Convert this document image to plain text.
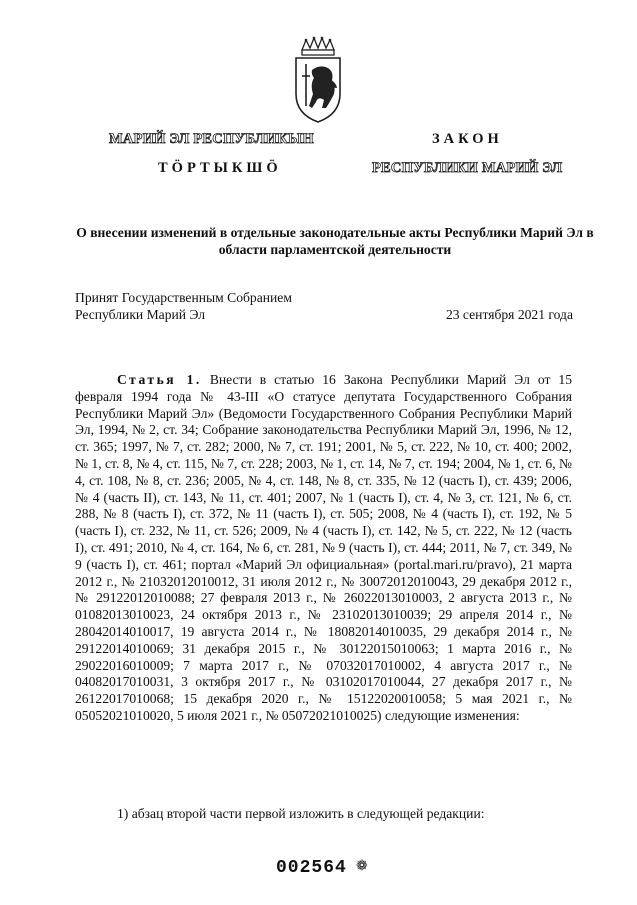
МАРИЙ ЭЛ РЕСПУБЛИКЫН
ТÖРТЫКШÖ
ЗАКОН
РЕСПУБЛИКИ МАРИЙ ЭЛ
О внесении изменений в отдельные законодательные акты Республики Марий Эл в области парламентской деятельности
Принят Государственным Собранием
Республики Марий Эл	23 сентября 2021 года
Статья 1. Внести в статью 16 Закона Республики Марий Эл от 15 февраля 1994 года № 43-III «О статусе депутата Государственного Собрания Республики Марий Эл» (Ведомости Государственного Собрания Республики Марий Эл, 1994, № 2, ст. 34; Собрание законодательства Республики Марий Эл, 1996, № 12, ст. 365; 1997, № 7, ст. 282; 2000, № 7, ст. 191; 2001, № 5, ст. 222, № 10, ст. 400; 2002, № 1, ст. 8, № 4, ст. 115, № 7, ст. 228; 2003, № 1, ст. 14, № 7, ст. 194; 2004, № 1, ст. 6, № 4, ст. 108, № 8, ст. 236; 2005, № 4, ст. 148, № 8, ст. 335, № 12 (часть I), ст. 439; 2006, № 4 (часть II), ст. 143, № 11, ст. 401; 2007, № 1 (часть I), ст. 4, № 3, ст. 121, № 6, ст. 288, № 8 (часть I), ст. 372, № 11 (часть I), ст. 505; 2008, № 4 (часть I), ст. 192, № 5 (часть I), ст. 232, № 11, ст. 526; 2009, № 4 (часть I), ст. 142, № 5, ст. 222, № 12 (часть I), ст. 491; 2010, № 4, ст. 164, № 6, ст. 281, № 9 (часть I), ст. 444; 2011, № 7, ст. 349, № 9 (часть I), ст. 461; портал «Марий Эл официальная» (portal.mari.ru/pravo), 21 марта 2012 г., № 21032012010012, 31 июля 2012 г., № 30072012010043, 29 декабря 2012 г., № 29122012010088; 27 февраля 2013 г., № 26022013010003, 2 августа 2013 г., № 01082013010023, 24 октября 2013 г., № 23102013010039; 29 апреля 2014 г., № 28042014010017, 19 августа 2014 г., № 18082014010035, 29 декабря 2014 г., № 29122014010069; 31 декабря 2015 г., № 30122015010063; 1 марта 2016 г., № 29022016010009; 7 марта 2017 г., № 07032017010002, 4 августа 2017 г., № 04082017010031, 3 октября 2017 г., № 03102017010044, 27 декабря 2017 г., № 26122017010068; 15 декабря 2020 г., № 15122020010058; 5 мая 2021 г., № 05052021010020, 5 июля 2021 г., № 05072021010025) следующие изменения:
1) абзац второй части первой изложить в следующей редакции:
002564 ❁
